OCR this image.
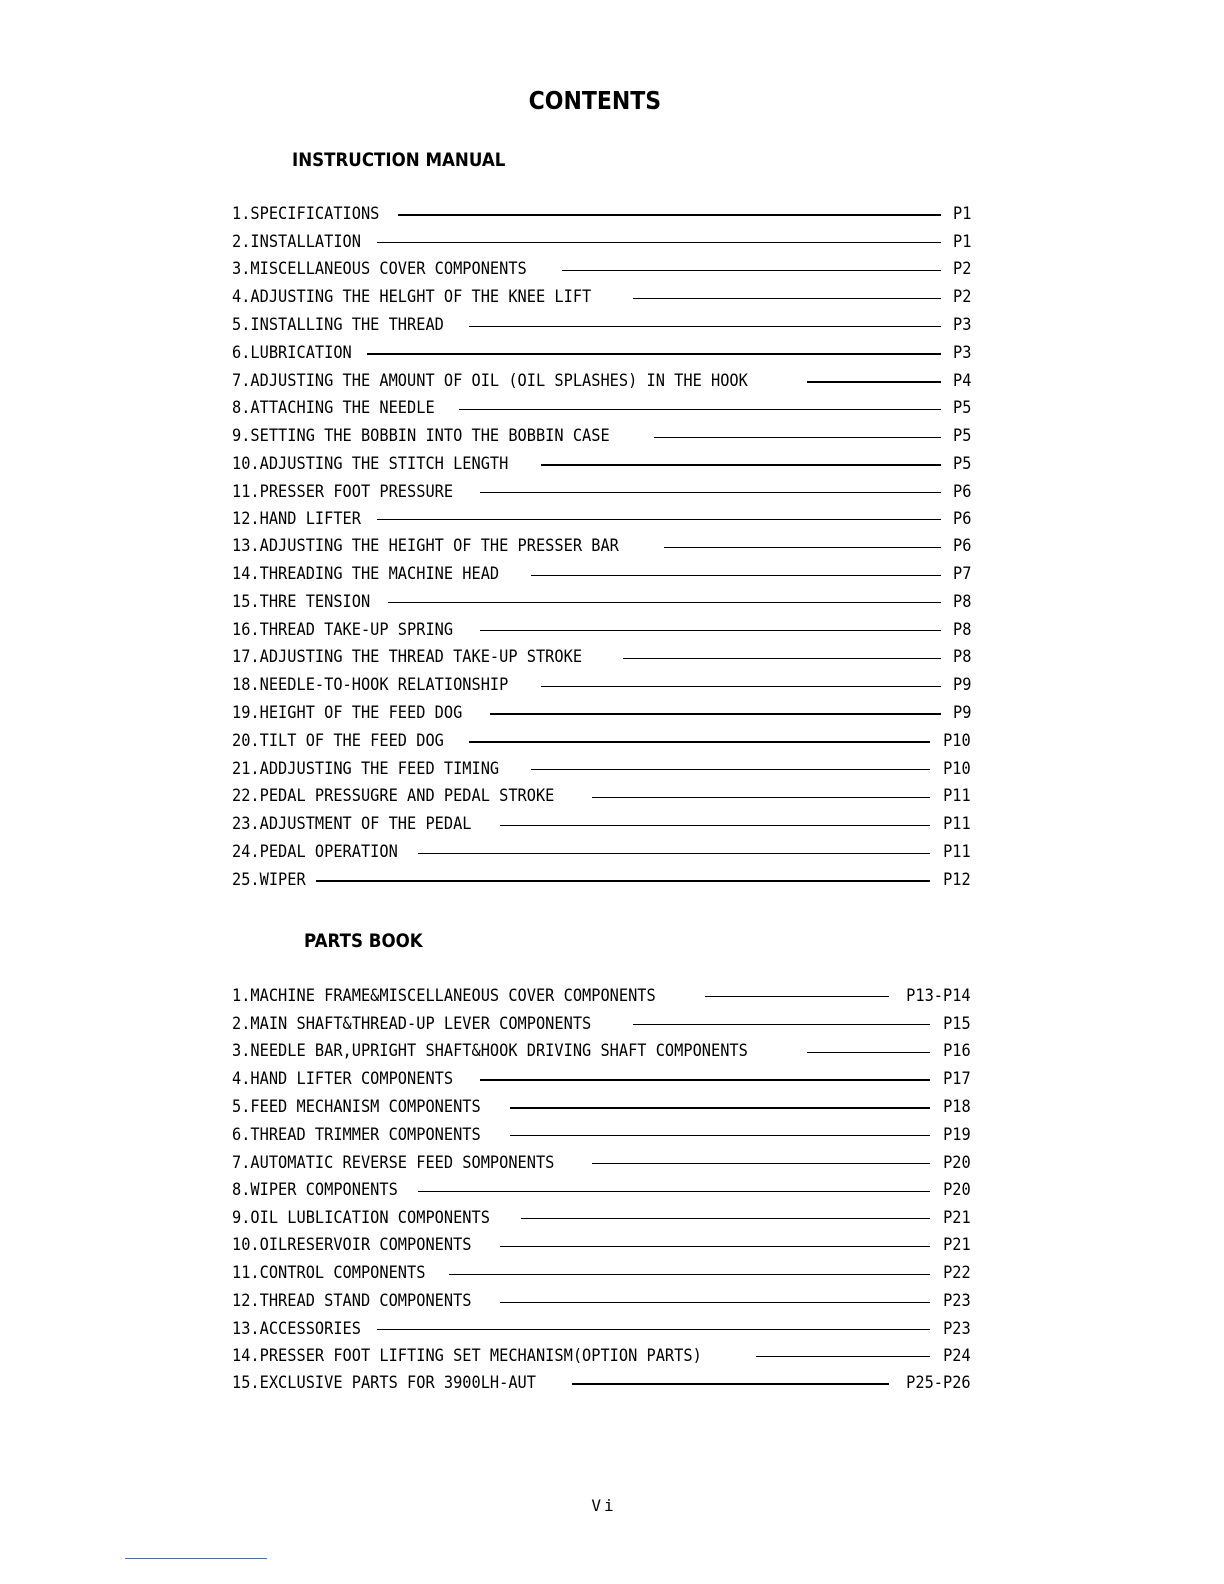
CONTENTS
INSTRUCTION MANUAL
1.SPECIFICATIONS	P1
2.INSTALLATION	P1
3.MISCELLANEOUS COVER COMPONENTS	P2
4.ADJUSTING THE HELGHT OF THE KNEE LIFT	P2
5.INSTALLING THE THREAD	P3
6.LUBRICATION	P3
7.ADJUSTING THE AMOUNT OF OIL (OIL SPLASHES) IN THE HOOK	P4
8.ATTACHING THE NEEDLE	P5
9.SETTING THE BOBBIN INTO THE BOBBIN CASE	P5
10.ADJUSTING THE STITCH LENGTH	P5
11.PRESSER FOOT PRESSURE	P6
12.HAND LIFTER	P6
13.ADJUSTING THE HEIGHT OF THE PRESSER BAR	P6
14.THREADING THE MACHINE HEAD	P7
15.THRE TENSION	P8
16.THREAD TAKE-UP SPRING	P8
17.ADJUSTING THE THREAD TAKE-UP STROKE	P8
18.NEEDLE-TO-HOOK RELATIONSHIP	P9
19.HEIGHT OF THE FEED DOG	P9
20.TILT OF THE FEED DOG	P10
21.ADDJUSTING THE FEED TIMING	P10
22.PEDAL PRESSUGRE AND PEDAL STROKE	P11
23.ADJUSTMENT OF THE PEDAL	P11
24.PEDAL OPERATION	P11
25.WIPER	P12
PARTS BOOK
1.MACHINE FRAME&MISCELLANEOUS COVER COMPONENTS	P13-P14
2.MAIN SHAFT&THREAD-UP LEVER COMPONENTS	P15
3.NEEDLE BAR,UPRIGHT SHAFT&HOOK DRIVING SHAFT COMPONENTS	P16
4.HAND LIFTER COMPONENTS	P17
5.FEED MECHANISM COMPONENTS	P18
6.THREAD TRIMMER COMPONENTS	P19
7.AUTOMATIC REVERSE FEED SOMPONENTS	P20
8.WIPER COMPONENTS	P20
9.OIL LUBLICATION COMPONENTS	P21
10.OILRESERVOIR COMPONENTS	P21
11.CONTROL COMPONENTS	P22
12.THREAD STAND COMPONENTS	P23
13.ACCESSORIES	P23
14.PRESSER FOOT LIFTING SET MECHANISM(OPTION PARTS)	P24
15.EXCLUSIVE PARTS FOR 3900LH-AUT	P25-P26
Vi
